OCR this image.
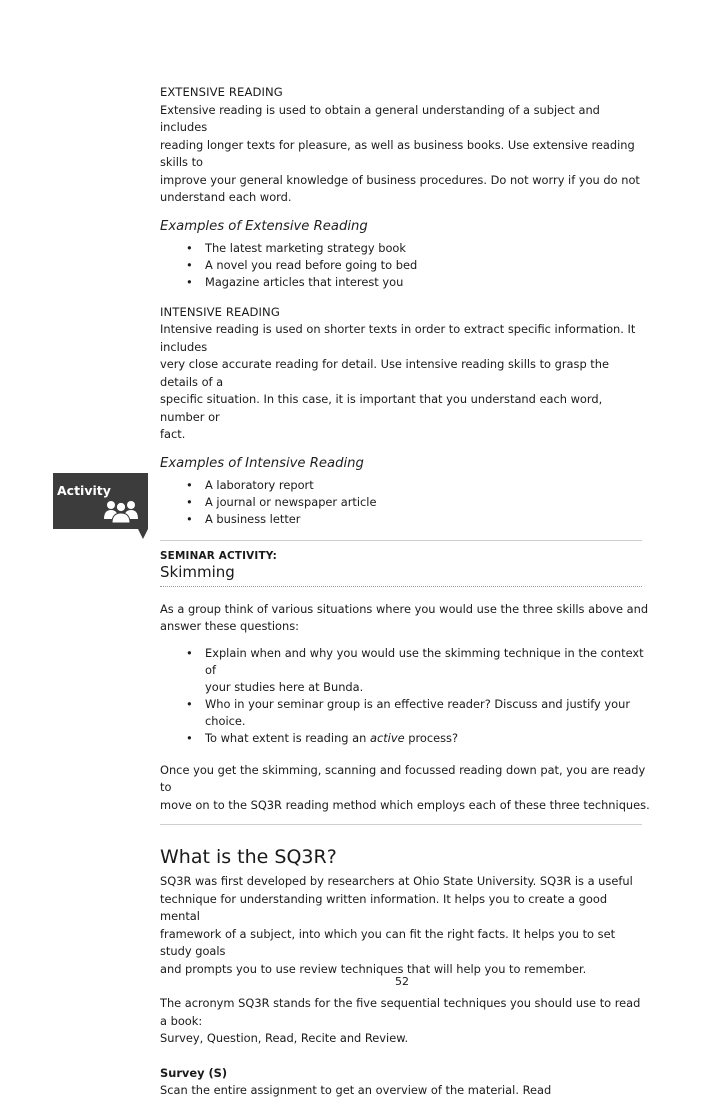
Activity

EXTENSIVE READING

Extensive reading is used to obtain a general understanding of a subject and includes

reading longer texts for pleasure, as well as business books. Use extensive reading skills to

improve your general knowledge of business procedures. Do not worry if you do not

understand each word.

Examples of Extensive Reading

• The latest marketing strategy book
• A novel you read before going to bed
• Magazine articles that interest you

INTENSIVE READING

Intensive reading is used on shorter texts in order to extract specific information. It includes

very close accurate reading for detail. Use intensive reading skills to grasp the details of a

specific situation. In this case, it is important that you understand each word, number or

fact.

Examples of Intensive Reading

• A laboratory report
• A journal or newspaper article
• A business letter

SEMINAR ACTIVITY:

Skimming

As a group think of various situations where you would use the three skills above and

answer these questions:

• Explain when and why you would use the skimming technique in the context of
your studies here at Bunda.
• Who in your seminar group is an effective reader? Discuss and justify your choice.
• To what extent is reading an active process?

Once you get the skimming, scanning and focussed reading down pat, you are ready to

move on to the SQ3R reading method which employs each of these three techniques.

What is the SQ3R?

SQ3R was first developed by researchers at Ohio State University. SQ3R is a useful

technique for understanding written information. It helps you to create a good mental

framework of a subject, into which you can fit the right facts. It helps you to set study goals

and prompts you to use review techniques that will help you to remember.

The acronym SQ3R stands for the five sequential techniques you should use to read a book:

Survey, Question, Read, Recite and Review.

Survey (S)

Scan the entire assignment to get an overview of the material. Read

52
